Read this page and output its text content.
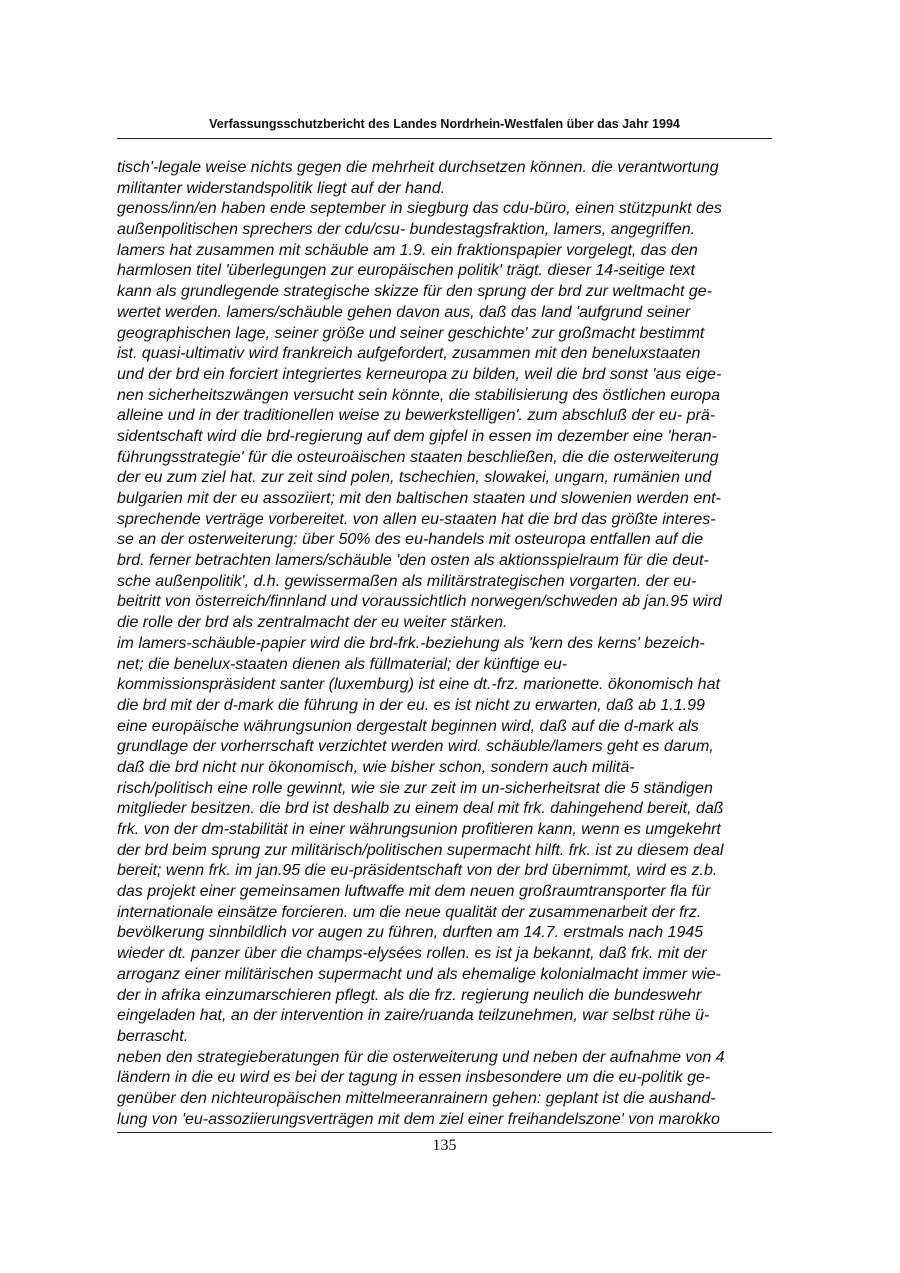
Verfassungsschutzbericht des Landes Nordrhein-Westfalen über das Jahr 1994
tisch'-legale weise nichts gegen die mehrheit durchsetzen können. die verantwortung
militanter widerstandspolitik liegt auf der hand.
genoss/inn/en haben ende september in siegburg das cdu-büro, einen stützpunkt des
außenpolitischen sprechers der cdu/csu- bundestagsfraktion, lamers, angegriffen.
lamers hat zusammen mit schäuble am 1.9. ein fraktionspapier vorgelegt, das den
harmlosen titel 'überlegungen zur europäischen politik' trägt. dieser 14-seitige text
kann als grundlegende strategische skizze für den sprung der brd zur weltmacht ge-
wertet werden. lamers/schäuble gehen davon aus, daß das land 'aufgrund seiner
geographischen lage, seiner größe und seiner geschichte' zur großmacht bestimmt
ist. quasi-ultimativ wird frankreich aufgefordert, zusammen mit den beneluxstaaten
und der brd ein forciert integriertes kerneuropa zu bilden, weil die brd sonst 'aus eige-
nen sicherheitszwängen versucht sein könnte, die stabilisierung des östlichen europa
alleine und in der traditionellen weise zu bewerkstelligen'. zum abschluß der eu- prä-
sidentschaft wird die brd-regierung auf dem gipfel in essen im dezember eine 'heran-
führungsstrategie' für die osteuroäischen staaten beschließen, die die osterweiterung
der eu zum ziel hat. zur zeit sind polen, tschechien, slowakei, ungarn, rumänien und
bulgarien mit der eu assoziiert; mit den baltischen staaten und slowenien werden ent-
sprechende verträge vorbereitet. von allen eu-staaten hat die brd das größte interes-
se an der osterweiterung: über 50% des eu-handels mit osteuropa entfallen auf die
brd. ferner betrachten lamers/schäuble 'den osten als aktionsspielraum für die deut-
sche außenpolitik', d.h. gewissermaßen als militärstrategischen vorgarten. der eu-
beitritt von österreich/finnland und voraussichtlich norwegen/schweden ab jan.95 wird
die rolle der brd als zentralmacht der eu weiter stärken.
im lamers-schäuble-papier wird die brd-frk.-beziehung als 'kern des kerns' bezeich-
net; die benelux-staaten dienen als füllmaterial; der künftige eu-
kommissionspräsident santer (luxemburg) ist eine dt.-frz. marionette. ökonomisch hat
die brd mit der d-mark die führung in der eu. es ist nicht zu erwarten, daß ab 1.1.99
eine europäische währungsunion dergestalt beginnen wird, daß auf die d-mark als
grundlage der vorherrschaft verzichtet werden wird. schäuble/lamers geht es darum,
daß die brd nicht nur ökonomisch, wie bisher schon, sondern auch militä-
risch/politisch eine rolle gewinnt, wie sie zur zeit im un-sicherheitsrat die 5 ständigen
mitglieder besitzen. die brd ist deshalb zu einem deal mit frk. dahingehend bereit, daß
frk. von der dm-stabilität in einer währungsunion profitieren kann, wenn es umgekehrt
der brd beim sprung zur militärisch/politischen supermacht hilft. frk. ist zu diesem deal
bereit; wenn frk. im jan.95 die eu-präsidentschaft von der brd übernimmt, wird es z.b.
das projekt einer gemeinsamen luftwaffe mit dem neuen großraumtransporter fla für
internationale einsätze forcieren. um die neue qualität der zusammenarbeit der frz.
bevölkerung sinnbildlich vor augen zu führen, durften am 14.7. erstmals nach 1945
wieder dt. panzer über die champs-elysées rollen. es ist ja bekannt, daß frk. mit der
arroganz einer militärischen supermacht und als ehemalige kolonialmacht immer wie-
der in afrika einzumarschieren pflegt. als die frz. regierung neulich die bundeswehr
eingeladen hat, an der intervention in zaire/ruanda teilzunehmen, war selbst rühe ü-
berrascht.
neben den strategieberatungen für die osterweiterung und neben der aufnahme von 4
ländern in die eu wird es bei der tagung in essen insbesondere um die eu-politik ge-
genüber den nichteuropäischen mittelmeeranrainern gehen: geplant ist die aushand-
lung von 'eu-assoziierungsverträgen mit dem ziel einer freihandelszone' von marokko
135
